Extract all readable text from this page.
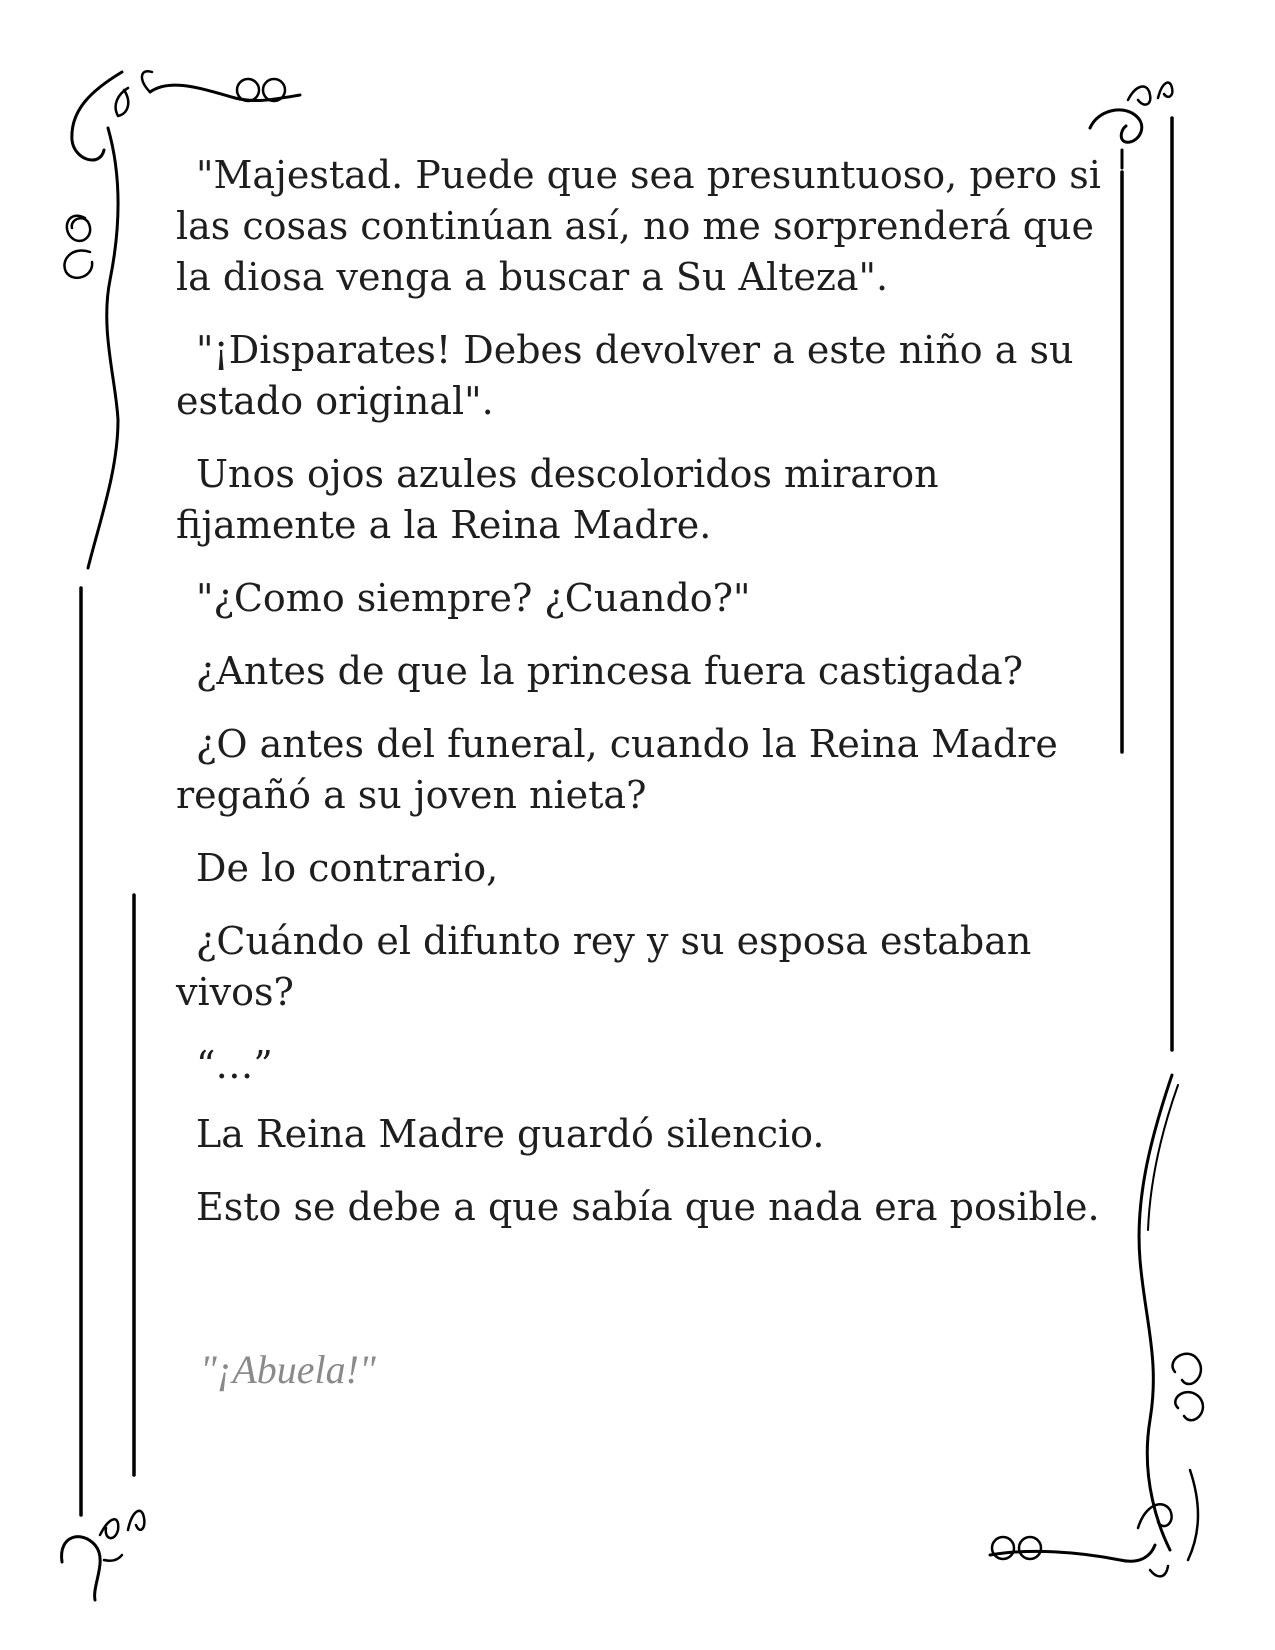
"Majestad. Puede que sea presuntuoso, pero si las cosas continúan así, no me sorprenderá que la diosa venga a buscar a Su Alteza".

"¡Disparates! Debes devolver a este niño a su estado original".

Unos ojos azules descoloridos miraron fijamente a la Reina Madre.

"¿Como siempre? ¿Cuando?"

¿Antes de que la princesa fuera castigada?

¿O antes del funeral, cuando la Reina Madre regañó a su joven nieta?

De lo contrario,

¿Cuándo el difunto rey y su esposa estaban vivos?

“…”

La Reina Madre guardó silencio.

Esto se debe a que sabía que nada era posible.

"¡Abuela!"
